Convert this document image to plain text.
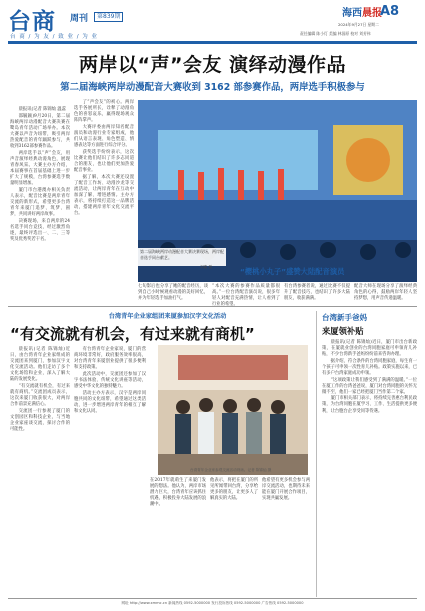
台商 周刊	第839期
台 商 / 为 友 / 致 业 / 为 业
海西晨报
A8
2024年9月27日 星期二
责任编辑 陈小灯 美编 林国原 校对 刘芳伟
两岸以“声”会友 演绎动漫作品
第二届海峡两岸动漫配音大赛收到 3162 部参赛作品，两岸选手积极参与

晨报讯(记者 陈锦灿 温蕊

邵毓颖)9月20日，第二届海峡两岸动漫配音大赛决赛在鹭岛青年活动广场举办。本次大赛以声音为纽带，吸引两岸热爱配音的青年踊跃参与，共收到3162部参赛作品。

两岸选手以“声”会友，用声音演绎经典动漫角色，展现青春风采。大赛主办方介绍，本届赛事在首届基础上进一步扩大了规模，台湾参赛选手数量明显增加。

厦门市台港澳办相关负责人表示，配音比赛是两岸青年交流的新形式，希望更多台湾青年来厦门追梦、筑梦、圆梦，共同讲好两岸故事。

决赛现场，来自两岸的24名选手同台竞技，经过激烈角逐，最终评选出一、二、三等奖及优秀奖若干名。

了“声会友”的初心。两岸选手各展所长，诠释了动漫角色的喜怒哀乐，赢得现场观众阵阵掌声。

大赛评委由两岸知名配音演员和动漫行业专家组成，他们从语言表现、角色塑造、情感表达等方面进行综合评分。

获奖选手纷纷表示，这次比赛让他们结识了许多志同道合的朋友，也让他们更加热爱配音事业。

据了解，本次大赛还设置了配音工作坊、动漫沙龙等交流活动，让两岸青年在互动中加深了解、增进感情。主办方表示，将持续打造这一品牌活动，搭建两岸青年文化交流平台。

第二届海峡两岸动漫配音大赛决赛现场，两岸配音选手同台献艺。
刘鑫 摄	“樱桃小丸子”盛赞大陆配音演员
七旬影后也分享了她的配音经历，谈到自己小时候观看动漫的美好回忆，并为年轻选手加油打气。
“本次大赛的参赛作品质量都很高。”一位台湾配音演员说，很多年轻人对配音充满热情，让人看到了行业的希望。
有台湾参赛者说，通过比赛不仅提升了配音技巧，也结识了许多大陆朋友，收获满满。
配音大师在现场分享了演绎经典角色的心得，鼓励两岸年轻人坚持梦想，用声音传递温暖。
台湾青年企业家组团来厦参加汉字文化活动
“有交流就有机会，有过来就有商机”

晨报讯(记者 陈锦灿)近日，由台湾青年企业家组成的交流团来到厦门，参加汉字文化交流活动。他们走访了多个文化场馆和企业，深入了解大陆的发展变化。

“有交流就有机会，有过来就有商机。”交流团成员表示，这次来厦门收获很大，对两岸合作前景充满信心。

交流团一行参观了厦门的文创园区和科技企业，与当地企业家座谈交流，探讨合作的可能性。

有台湾青年企业家说，厦门的营商环境非常好，政府服务效率很高，对台湾青年来厦创业提供了很多便利和支持政策。

此次活动中，交流团还参加了汉字书法体验、传统文化讲座等活动，感受中华文化的独特魅力。

活动主办方表示，汉字是两岸同胞共同的文化纽带，希望通过这类活动，进一步增进两岸青年的相互了解和文化认同。

台湾青年企业家参观交流活动现场。记者 陈锦灿 摄
在2017年就萌生了来厦门发展的想法。他认为，两岸市场潜力巨大，台湾青年应该抓住机遇，积极投身大陆发展的浪潮中。
他表示，将把在厦门的所见所闻带回台湾，分享给更多的朋友，让更多人了解真实的大陆。
他希望有更多机会参与两岸交流活动，也期待未来能在厦门开展合作项目，实现共赢发展。
台湾新手爸妈
来厦领补贴

晨报讯(记者 陈锦灿)近日，厦门市出台新政策，在厦就业创业的台湾同胞家庭可申领育儿补贴，不少台湾新手爸妈纷纷前来咨询办理。

据介绍，符合条件的台湾同胞家庭，每生育一个孩子可申领一次性育儿补贴。政策实施以来，已有多户台湾家庭成功申领。

“这项政策让我们感受到了满满的温暖。”一位在厦工作的台湾爸爸说，厦门对台湾同胞的关怀无微不至，他们一家已经把厦门当作第二个家。

厦门市相关部门表示，将持续完善惠台利民政策，为台湾同胞在厦学习、工作、生活提供更多便利，让台胞台企享受同等待遇。

网址 http://www.xmmc.cn 新闻热线 0592-5000000 发行投诉热线 0592-5000000 广告热线 0592-5000000
